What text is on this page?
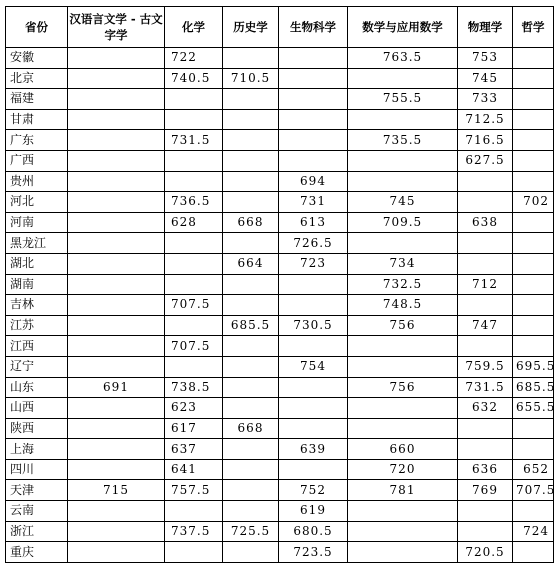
省份	汉语言文学 - 古文字学	化学	历史学	生物科学	数学与应用数学	物理学	哲学
安徽		722			763.5	753	
北京		740.5	710.5			745	
福建					755.5	733	
甘肃						712.5	
广东		731.5			735.5	716.5	
广西						627.5	
贵州				694			
河北		736.5		731	745		702
河南		628	668	613	709.5	638	
黑龙江				726.5			
湖北			664	723	734		
湖南					732.5	712	
吉林		707.5			748.5		
江苏			685.5	730.5	756	747	
江西		707.5					
辽宁				754		759.5	695.5
山东	691	738.5			756	731.5	685.5
山西		623				632	655.5
陕西		617	668				
上海		637		639	660		
四川		641			720	636	652
天津	715	757.5		752	781	769	707.5
云南				619			
浙江		737.5	725.5	680.5			724
重庆				723.5		720.5	
